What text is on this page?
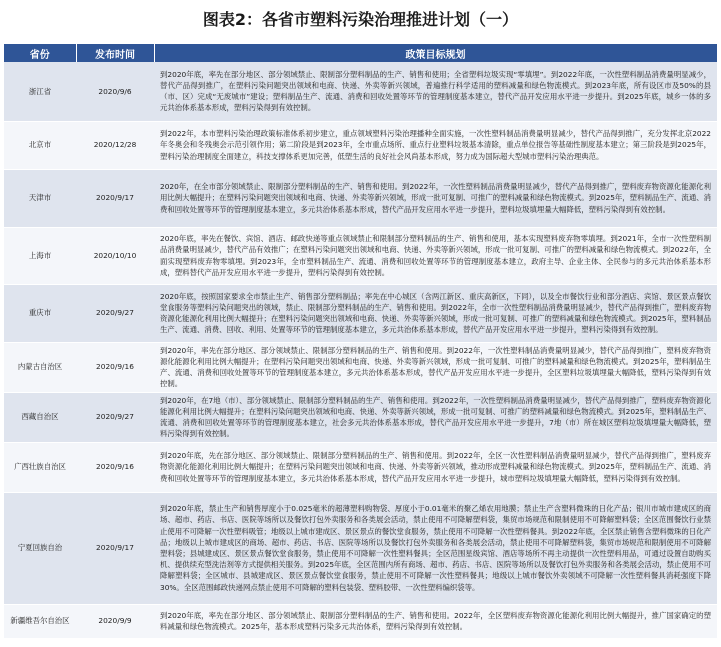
图表2：各省市塑料污染治理推进计划（一）
省份	发布时间	政策目标规划
浙江省	2020/9/6	到2020年底，率先在部分地区、部分领域禁止、限制部分塑料制品的生产、销售和使用；全省塑料垃圾实现“零填埋”。到2022年底，一次性塑料制品消费量明显减少，替代产品得到推广，在塑料污染问题突出领域和电商、快递、外卖等新兴领域，普遍推行科学适用的塑料减量和绿色物流模式。到2023年底，所有设区市及50%的县（市、区）完成“无废城市”建设；塑料制品生产、流通、消费和回收处置等环节的管理制度基本建立，替代产品开发应用水平进一步提升。到2025年底，城乡一体的多元共治体系基本形成，塑料污染得到有效控制。
北京市	2020/12/28	到2022年，本市塑料污染治理政策标准体系初步建立，重点领域塑料污染治理播种全面实施，一次性塑料制品消费量明显减少，替代产品得到推广，充分发挥北京2022年冬奥会和冬残奥会示范引领作用；第二阶段是到2023年，全市重点场所、重点行业塑料垃圾基本清除，重点单位报告等基础性制度基本建立；第三阶段是到2025年，塑料污染治理制度全面建立，科技支撑体系更加完善，低塑生活的良好社会风尚基本形成，努力成为国际超大型城市塑料污染治理典范。
天津市	2020/9/17	2020年，在全市部分领域禁止、限制部分塑料制品的生产、销售和使用。到2022年，一次性塑料制品消费量明显减少，替代产品得到推广，塑料废弃物资源化能源化利用比例大幅提升；在塑料污染问题突出领域和电商、快递、外卖等新兴领域，形成一批可复制、可推广的塑料减量和绿色物流模式。到2025年，塑料制品生产、流通、消费和回收处置等环节的管理制度基本建立，多元共治体系基本形成，替代产品开发应用水平进一步提升，塑料垃圾填埋量大幅降低，塑料污染得到有效控制。
上海市	2020/10/10	2020年底，率先在餐饮、宾馆、酒店、邮政快递等重点领域禁止和限制部分塑料制品的生产、销售和使用，基本实现塑料废弃物零填埋。到2021年，全市一次性塑料制品消费量明显减少，替代产品有效推广；在塑料污染问题突出领域和电商、快递、外卖等新兴领域，形成一批可复制、可推广的塑料减量和绿色物流模式。到2022年，全面实现塑料废弃物零填埋。到2023年，全市塑料制品生产、流通、消费和回收处置等环节的管理制度基本建立，政府主导、企业主体、全民参与的多元共治体系基本形成，塑料替代产品开发应用水平进一步提升，塑料污染得到有效控制。
重庆市	2020/9/27	2020年底，按照国家要求全市禁止生产、销售部分塑料制品；率先在中心城区（含两江新区、重庆高新区，下同），以及全市餐饮行业和部分酒店、宾馆、景区景点餐饮堂食服务等塑料污染问题突出的领域，禁止、限制部分塑料制品的生产、销售和使用。到2022年，全市一次性塑料制品消费量明显减少，替代产品得到推广，塑料废弃物资源化能源化利用比例大幅提升；在塑料污染问题突出领域和电商、快递、外卖等新兴领域，形成一批可复制、可推广的塑料减量和绿色物流模式。到2025年，塑料制品生产、流通、消费、回收、利用、处置等环节的管理制度基本建立，多元共治体系基本形成，替代产品开发应用水平进一步提升，塑料污染得到有效控制。
内蒙古自治区	2020/9/16	到2020年，率先在部分地区、部分领域禁止、限制部分塑料制品的生产、销售和使用。到2022年，一次性塑料制品消费量明显减少，替代产品得到推广，塑料废弃物资源化能源化利用比例大幅提升；在塑料污染问题突出领域和电商、快递、外卖等新兴领域，形成一批可复制、可推广的塑料减量和绿色物流模式。到2025年，塑料制品生产、流通、消费和回收处置等环节的管理制度基本建立，多元共治体系基本形成，替代产品开发应用水平进一步提升，全区塑料垃圾填埋量大幅降低，塑料污染得到有效控制。
西藏自治区	2020/9/27	到2020年，在7地（市）、部分领域禁止、限制部分塑料制品的生产、销售和使用。到2022年，一次性塑料制品消费量明显减少，替代产品得到推广，塑料废弃物资源化能源化利用比例大幅提升；在塑料污染问题突出领域和电商、快递、外卖等新兴领域，形成一批可复制、可推广的塑料减量和绿色物流模式。到2025年，塑料制品生产、流通、消费和回收处置等环节的管理制度基本建立，社会多元共治体系基本形成，替代产品开发应用水平进一步提升，7地（市）所在城区塑料垃圾填埋量大幅降低，塑料污染得到有效控制。
广西壮族自治区	2020/9/16	到2020年底，先在部分地区、部分领域禁止、限制部分塑料制品的生产、销售和使用。到2022年，全区一次性塑料制品消费量明显减少，替代产品得到推广，塑料废弃物资源化能源化利用比例大幅提升；在塑料污染问题突出领域和电商、快递、外卖等新兴领域，推动形成塑料减量和绿色物流模式。到2025年，塑料制品生产、流通、消费和回收处置等环节的管理制度基本建立，多元共治体系基本形成，替代产品开发应用水平进一步提升，城市塑料垃圾填埋量大幅降低，塑料污染得到有效控制。
宁夏回族自治	2020/9/17	到2020年底，禁止生产和销售厚度小于0.025毫米的超薄塑料购物袋、厚度小于0.01毫米的聚乙烯农用地膜；禁止生产含塑料微珠的日化产品；银川市城市建成区的商场、超市、药店、书店、医院等场所以及餐饮打包外卖服务和各类展会活动，禁止使用不可降解塑料袋，集贸市场规范和限制使用不可降解塑料袋；全区范围餐饮行业禁止使用不可降解一次性塑料吸管；地级以上城市建成区、景区景点的餐饮堂食服务，禁止使用不可降解一次性塑料餐具。到2022年底，全区禁止销售含塑料微珠的日化产品；地级以上城市建成区的商场、超市、药店、书店、医院等场所以及餐饮打包外卖服务和各类展会活动，禁止使用不可降解塑料袋，集贸市场规范和限制使用不可降解塑料袋；县城建成区、景区景点餐饮堂食服务，禁止使用不可降解一次性塑料餐具；全区范围星级宾馆、酒店等场所不再主动提供一次性塑料用品，可通过设置自助购买机、提供续充型洗洁剂等方式提供相关服务。到2025年底，全区范围内所有商场、超市、药店、书店、医院等场所以及餐饮打包外卖服务和各类展会活动，禁止使用不可降解塑料袋；全区城市、县城建成区、景区景点餐饮堂食服务，禁止使用不可降解一次性塑料餐具；地级以上城市餐饮外卖领域不可降解一次性塑料餐具消耗强度下降30%。全区范围邮政快递网点禁止使用不可降解的塑料包装袋、塑料胶带、一次性塑料编织袋等。
新疆维吾尔自治区	2020/9/9	到2020年底，率先在部分地区、部分领域禁止、限制部分塑料制品的生产、销售和使用。2022年，全区塑料废弃物资源化能源化利用比例大幅提升，推广国家确定的塑料减量和绿色物流模式。2025年，基本形成塑料污染多元共治体系，塑料污染得到有效控制。
